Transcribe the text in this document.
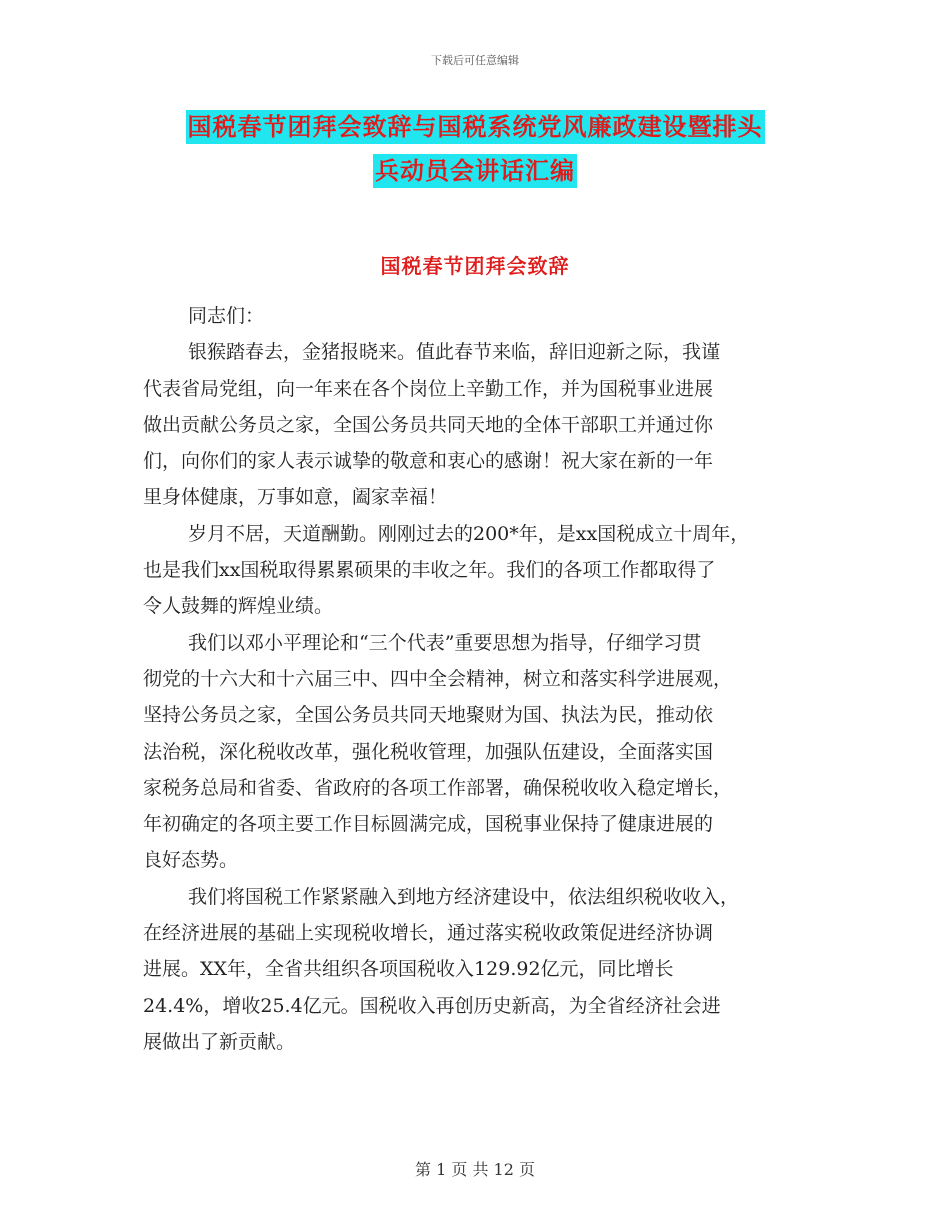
下载后可任意编辑
国税春节团拜会致辞与国税系统党风廉政建设暨排头
兵动员会讲话汇编
国税春节团拜会致辞

同志们：

银猴踏春去，金猪报晓来。值此春节来临，辞旧迎新之际，我谨
代表省局党组，向一年来在各个岗位上辛勤工作，并为国税事业进展
做出贡献公务员之家，全国公务员共同天地的全体干部职工并通过你
们，向你们的家人表示诚挚的敬意和衷心的感谢！祝大家在新的一年
里身体健康，万事如意，阖家幸福！

岁月不居，天道酬勤。刚刚过去的200*年，是xx国税成立十周年，
也是我们xx国税取得累累硕果的丰收之年。我们的各项工作都取得了
令人鼓舞的辉煌业绩。

我们以邓小平理论和“三个代表”重要思想为指导，仔细学习贯
彻党的十六大和十六届三中、四中全会精神，树立和落实科学进展观，
坚持公务员之家，全国公务员共同天地聚财为国、执法为民，推动依
法治税，深化税收改革，强化税收管理，加强队伍建设，全面落实国
家税务总局和省委、省政府的各项工作部署，确保税收收入稳定增长，
年初确定的各项主要工作目标圆满完成，国税事业保持了健康进展的
良好态势。

我们将国税工作紧紧融入到地方经济建设中，依法组织税收收入，
在经济进展的基础上实现税收增长，通过落实税收政策促进经济协调
进展。XX年，全省共组织各项国税收入129.92亿元，同比增长
24.4%，增收25.4亿元。国税收入再创历史新高，为全省经济社会进
展做出了新贡献。

第 1 页 共 12 页
